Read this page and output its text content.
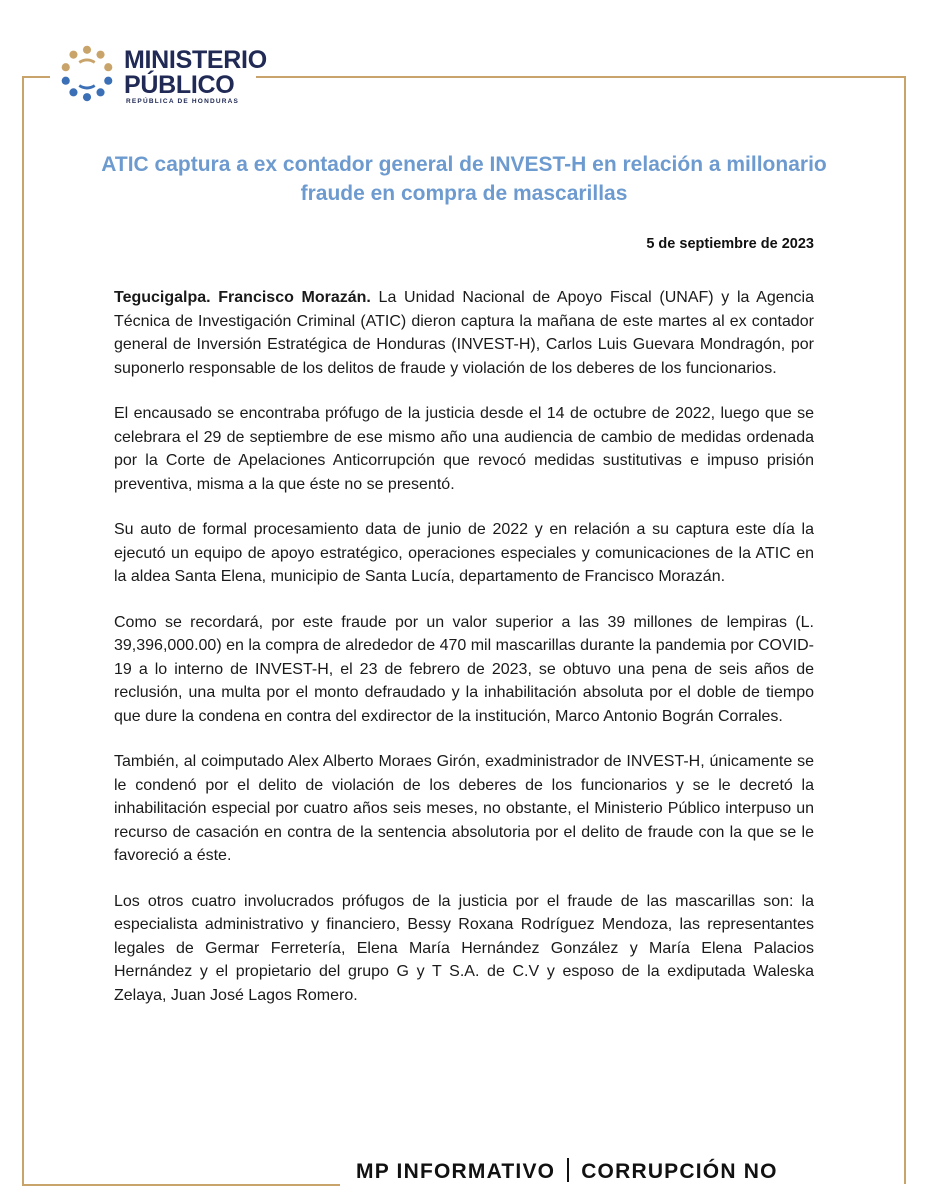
MINISTERIO
PÚBLICO
REPÚBLICA DE HONDURAS
ATIC captura a ex contador general de INVEST-H en relación a millonario fraude en compra de mascarillas
5 de septiembre de 2023

Tegucigalpa. Francisco Morazán. La Unidad Nacional de Apoyo Fiscal (UNAF) y la Agencia Técnica de Investigación Criminal (ATIC) dieron captura la mañana de este martes al ex contador general de Inversión Estratégica de Honduras (INVEST-H), Carlos Luis Guevara Mondragón, por suponerlo responsable de los delitos de fraude y violación de los deberes de los funcionarios.

El encausado se encontraba prófugo de la justicia desde el 14 de octubre de 2022, luego que se celebrara el 29 de septiembre de ese mismo año una audiencia de cambio de medidas ordenada por la Corte de Apelaciones Anticorrupción que revocó medidas sustitutivas e impuso prisión preventiva, misma a la que éste no se presentó.

Su auto de formal procesamiento data de junio de 2022 y en relación a su captura este día la ejecutó un equipo de apoyo estratégico, operaciones especiales y comunicaciones de la ATIC en la aldea Santa Elena, municipio de Santa Lucía, departamento de Francisco Morazán.

Como se recordará, por este fraude por un valor superior a las 39 millones de lempiras (L. 39,396,000.00) en la compra de alrededor de 470 mil mascarillas durante la pandemia por COVID-19 a lo interno de INVEST-H, el 23 de febrero de 2023, se obtuvo una pena de seis años de reclusión, una multa por el monto defraudado y la inhabilitación absoluta por el doble de tiempo que dure la condena en contra del exdirector de la institución, Marco Antonio Bográn Corrales.

También, al coimputado Alex Alberto Moraes Girón, exadministrador de INVEST-H, únicamente se le condenó por el delito de violación de los deberes de los funcionarios y se le decretó la inhabilitación especial por cuatro años seis meses, no obstante, el Ministerio Público interpuso un recurso de casación en contra de la sentencia absolutoria por el delito de fraude con la que se le favoreció a éste.

Los otros cuatro involucrados prófugos de la justicia por el fraude de las mascarillas son: la especialista administrativo y financiero, Bessy Roxana Rodríguez Mendoza, las representantes legales de Germar Ferretería, Elena María Hernández González y María Elena Palacios Hernández y el propietario del grupo G y T S.A. de C.V y esposo de la exdiputada Waleska Zelaya, Juan José Lagos Romero.

MP INFORMATIVO CORRUPCIÓN NO
